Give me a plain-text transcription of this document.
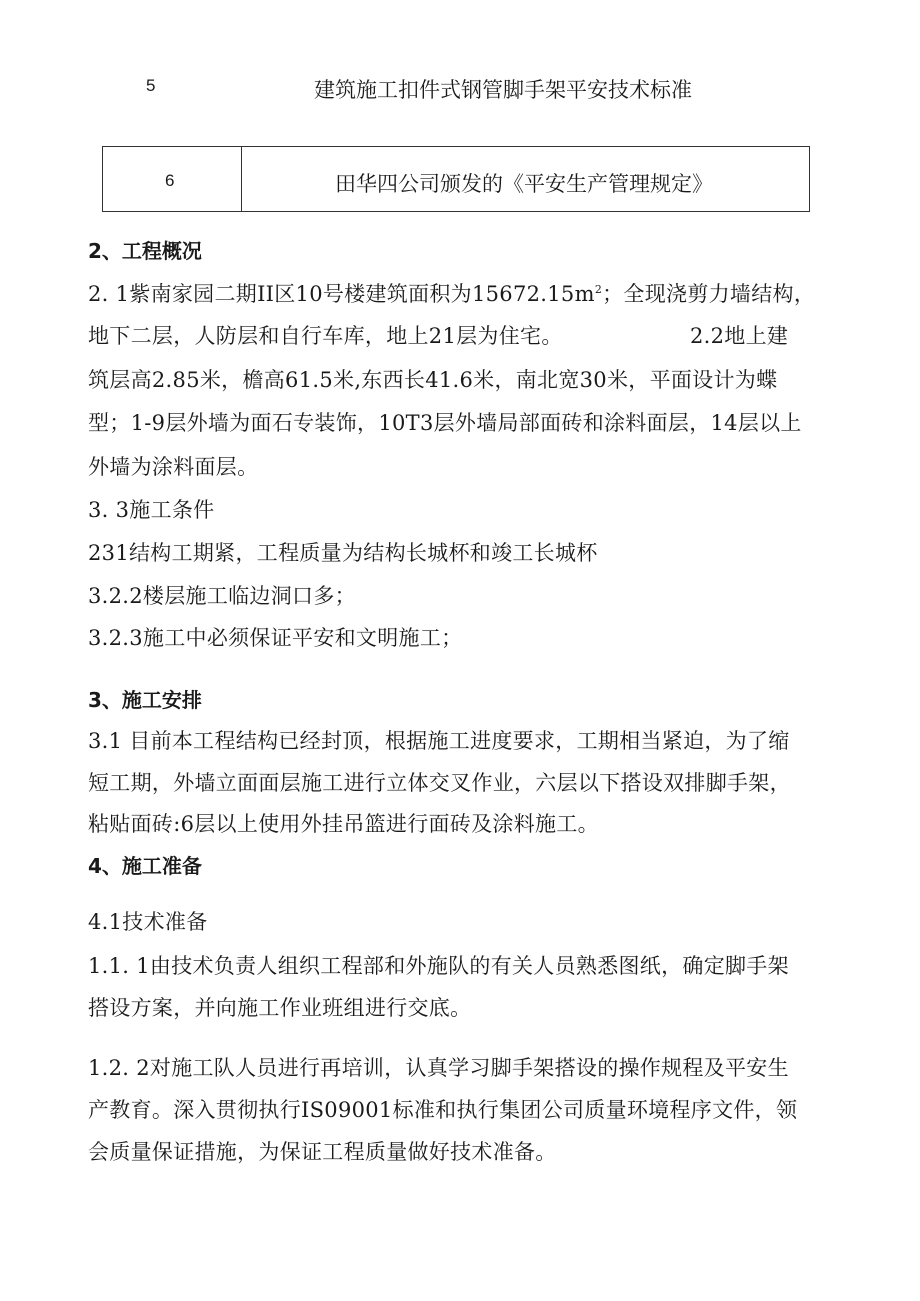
5	建筑施工扣件式钢管脚手架平安技术标准
6	田华四公司颁发的《平安生产管理规定》
2、工程概况
2. 1紫南家园二期II区10号楼建筑面积为$15672.15m^2$；全现浇剪力墙结构，
地下二层，人防层和自行车库，地上21层为住宅。	2.2地上建
筑层高2.85米，檐高61.5米,东西长41.6米，南北宽30米，平面设计为蝶
型；1-9层外墙为面石专装饰，10T3层外墙局部面砖和涂料面层，14层以上
外墙为涂料面层。
3. 3施工条件
231结构工期紧，工程质量为结构长城杯和竣工长城杯
3.2.2楼层施工临边洞口多；
3.2.3施工中必须保证平安和文明施工；
3、施工安排
3.1 目前本工程结构已经封顶，根据施工进度要求，工期相当紧迫，为了缩
短工期，外墙立面面层施工进行立体交叉作业，六层以下搭设双排脚手架，
粘贴面砖:6层以上使用外挂吊篮进行面砖及涂料施工。
4、施工准备
4.1技术准备
1.1. 1由技术负责人组织工程部和外施队的有关人员熟悉图纸，确定脚手架
搭设方案，并向施工作业班组进行交底。
1.2. 2对施工队人员进行再培训，认真学习脚手架搭设的操作规程及平安生
产教育。深入贯彻执行IS09001标准和执行集团公司质量环境程序文件，领
会质量保证措施，为保证工程质量做好技术准备。
